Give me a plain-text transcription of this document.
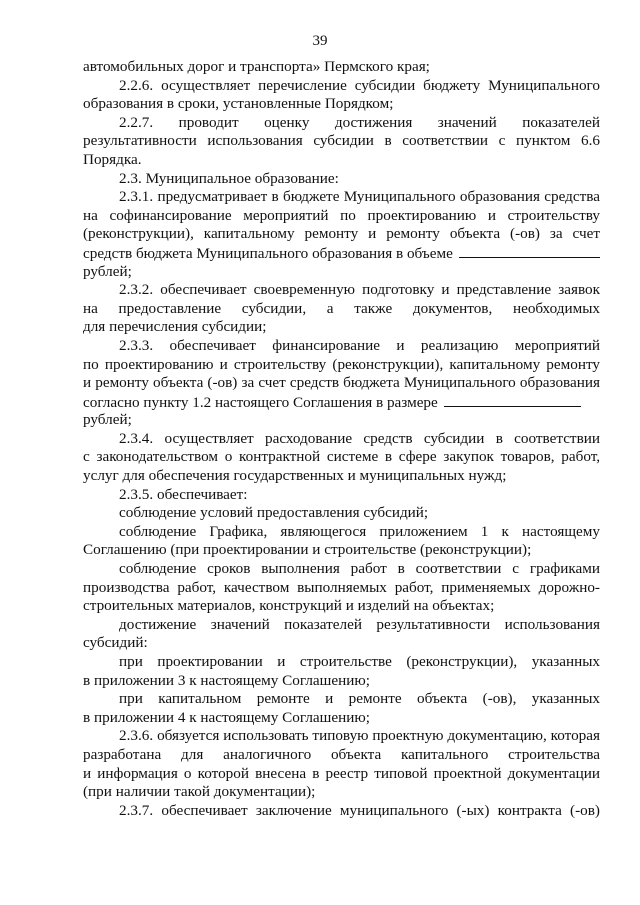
39
автомобильных дорог и транспорта» Пермского края;
2.2.6. осуществляет перечисление субсидии бюджету Муниципального
образования в сроки, установленные Порядком;
2.2.7. проводит оценку достижения значений показателей
результативности использования субсидии в соответствии с пунктом 6.6
Порядка.
2.3. Муниципальное образование:
2.3.1. предусматривает в бюджете Муниципального образования средства
на софинансирование мероприятий по проектированию и строительству
(реконструкции), капитальному ремонту и ремонту объекта (-ов) за счет
средств бюджета Муниципального образования в объеме
рублей;
2.3.2. обеспечивает своевременную подготовку и представление заявок
на предоставление субсидии, а также документов, необходимых
для перечисления субсидии;
2.3.3. обеспечивает финансирование и реализацию мероприятий
по проектированию и строительству (реконструкции), капитальному ремонту
и ремонту объекта (-ов) за счет средств бюджета Муниципального образования
согласно пункту 1.2 настоящего Соглашения в размере
рублей;
2.3.4. осуществляет расходование средств субсидии в соответствии
с законодательством о контрактной системе в сфере закупок товаров, работ,
услуг для обеспечения государственных и муниципальных нужд;
2.3.5. обеспечивает:
соблюдение условий предоставления субсидий;
соблюдение Графика, являющегося приложением 1 к настоящему
Соглашению (при проектировании и строительстве (реконструкции);
соблюдение сроков выполнения работ в соответствии с графиками
производства работ, качеством выполняемых работ, применяемых дорожно-
строительных материалов, конструкций и изделий на объектах;
достижение значений показателей результативности использования
субсидий:
при проектировании и строительстве (реконструкции), указанных
в приложении 3 к настоящему Соглашению;
при капитальном ремонте и ремонте объекта (-ов), указанных
в приложении 4 к настоящему Соглашению;
2.3.6. обязуется использовать типовую проектную документацию, которая
разработана для аналогичного объекта капитального строительства
и информация о которой внесена в реестр типовой проектной документации
(при наличии такой документации);
2.3.7. обеспечивает заключение муниципального (-ых) контракта (-ов)
